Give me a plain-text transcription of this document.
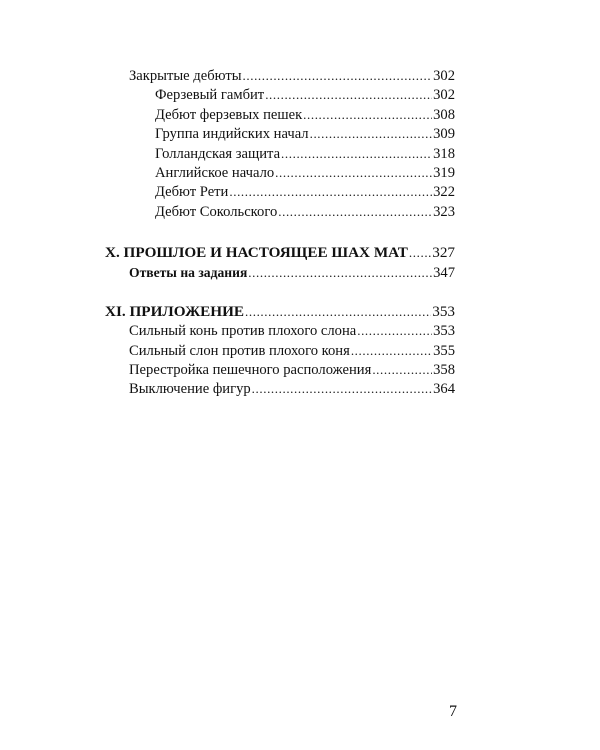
Закрытые дебюты .....	302
Ферзевый гамбит .....	302
Дебют ферзевых пешек .....	308
Группа индийских начал .....	309
Голландская защита .....	318
Английское начало .....	319
Дебют Рети .....	322
Дебют Сокольского .....	323
X. ПРОШЛОЕ И НАСТОЯЩЕЕ ШАХ МАТ ..... 327
Ответы на задания .....	347
XI. ПРИЛОЖЕНИЕ .....	353
Сильный конь против плохого слона .....	353
Сильный слон против плохого коня .....	355
Перестройка пешечного расположения .....	358
Выключение фигур .....	364
7
